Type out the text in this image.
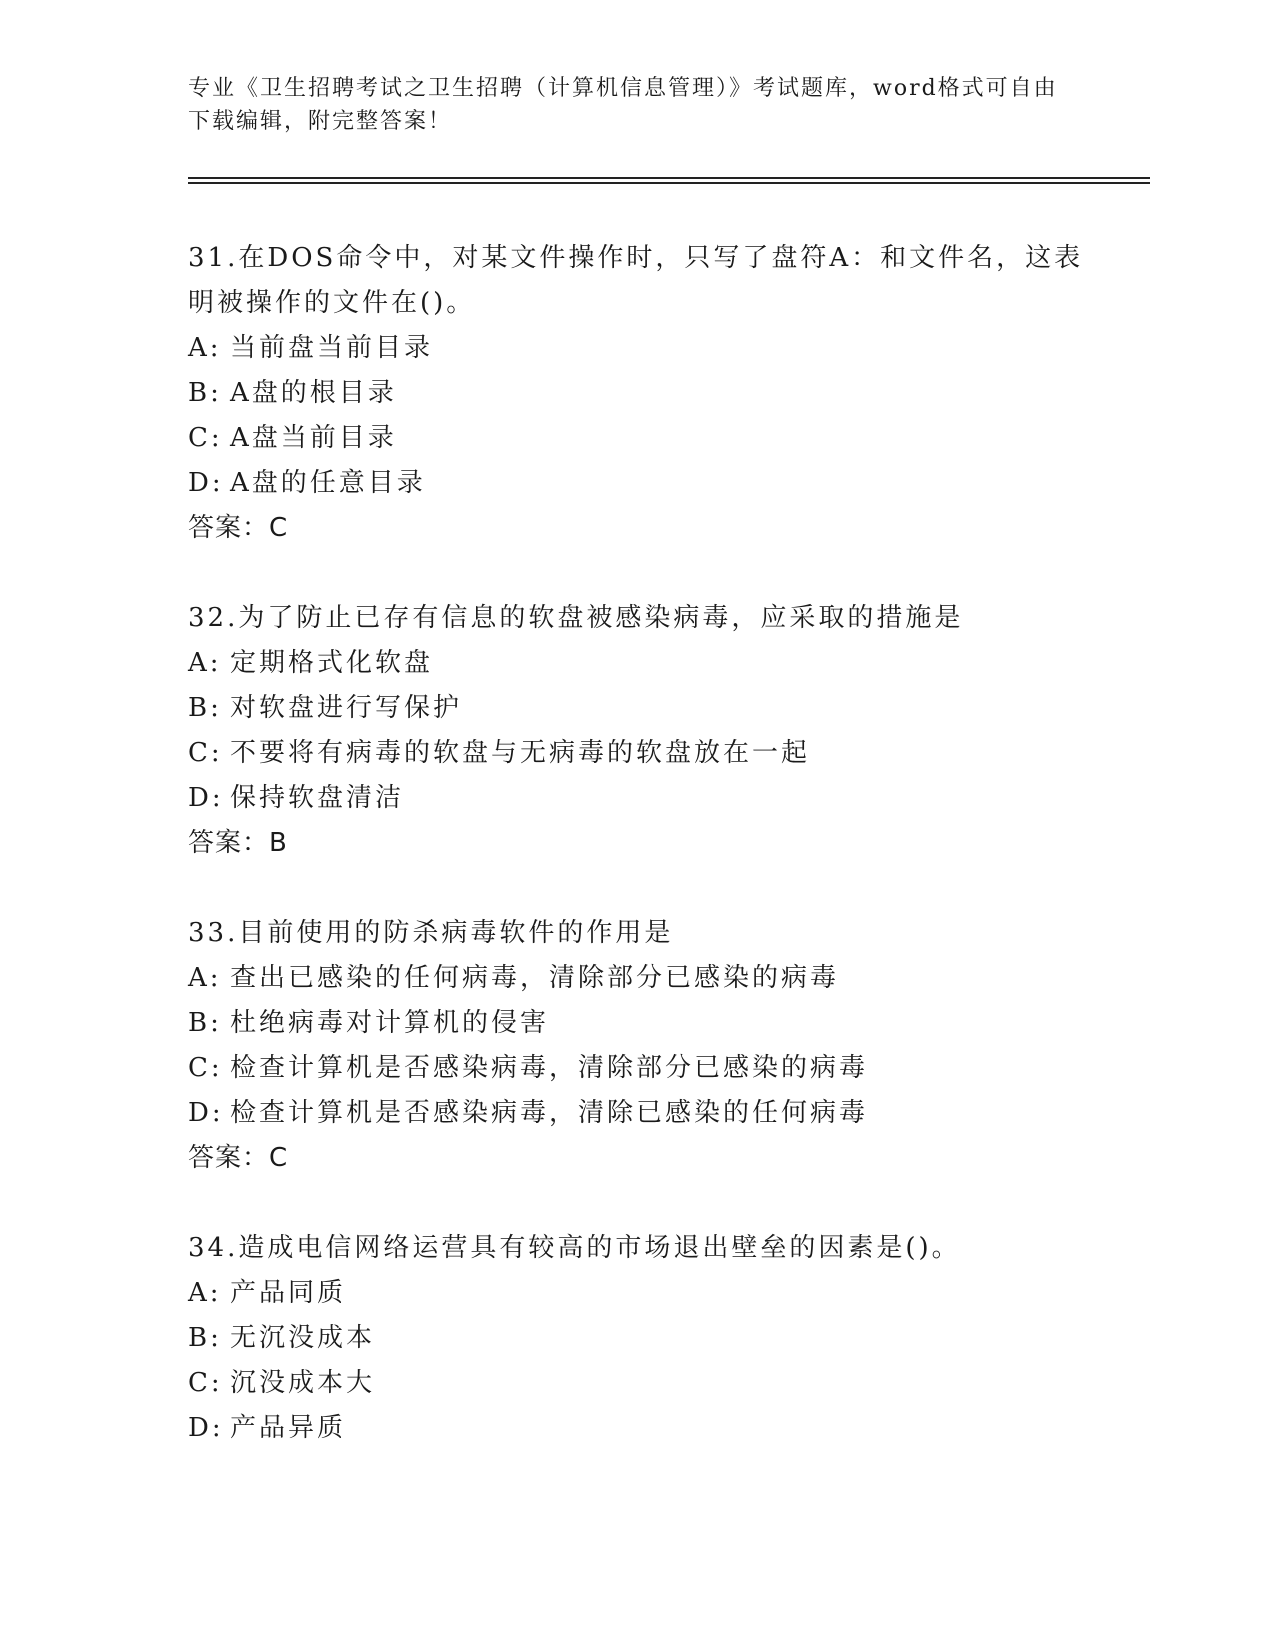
专业《卫生招聘考试之卫生招聘（计算机信息管理）》考试题库，word格式可自由下载编辑，附完整答案！

31.在DOS命令中，对某文件操作时，只写了盘符A：和文件名，这表明被操作的文件在()。

A: 当前盘当前目录

B: A盘的根目录

C: A盘当前目录

D: A盘的任意目录

答案：C

32.为了防止已存有信息的软盘被感染病毒，应采取的措施是

A: 定期格式化软盘

B: 对软盘进行写保护

C: 不要将有病毒的软盘与无病毒的软盘放在一起

D: 保持软盘清洁

答案：B

33.目前使用的防杀病毒软件的作用是

A: 查出已感染的任何病毒，清除部分已感染的病毒

B: 杜绝病毒对计算机的侵害

C: 检查计算机是否感染病毒，清除部分已感染的病毒

D: 检查计算机是否感染病毒，清除已感染的任何病毒

答案：C

34.造成电信网络运营具有较高的市场退出壁垒的因素是()。

A: 产品同质

B: 无沉没成本

C: 沉没成本大

D: 产品异质
